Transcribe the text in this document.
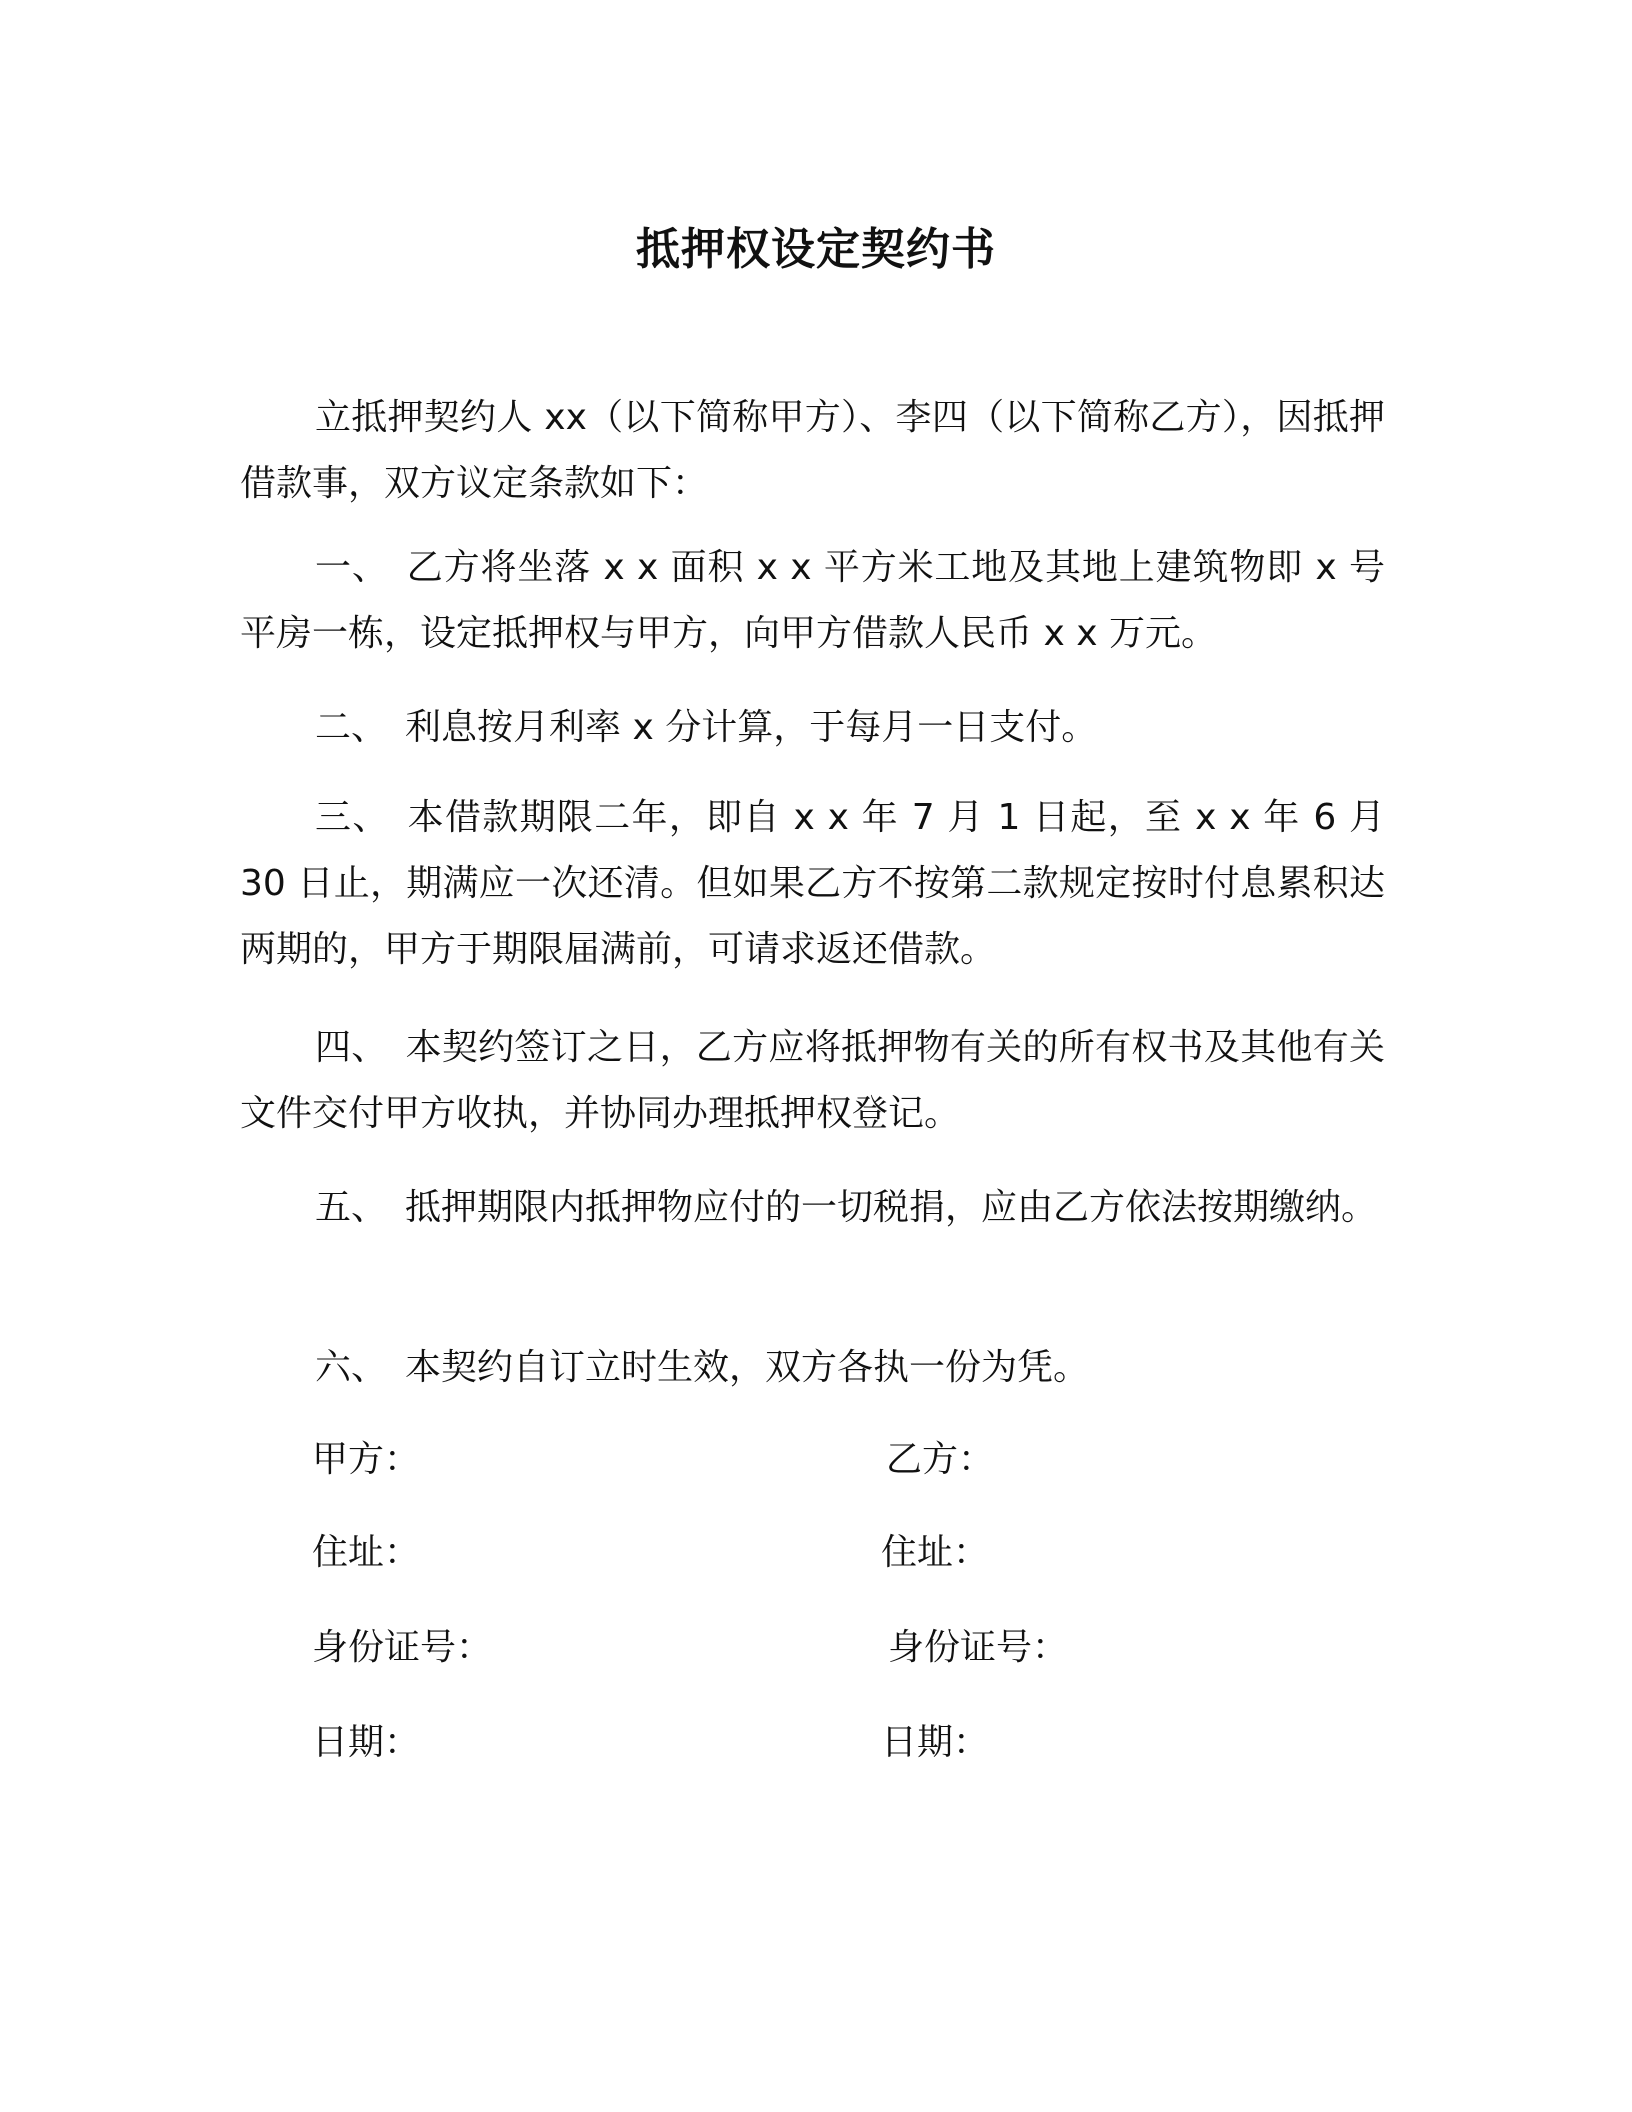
抵押权设定契约书
立抵押契约人 xx（以下简称甲方）、李四（以下简称乙方），因抵押借款事，双方议定条款如下：
一、 乙方将坐落 x x 面积 x x 平方米工地及其地上建筑物即 x 号平房一栋，设定抵押权与甲方，向甲方借款人民币 x x 万元。
二、 利息按月利率 x 分计算，于每月一日支付。
三、 本借款期限二年，即自 x x 年 7 月 1 日起，至 x x 年 6 月 30 日止，期满应一次还清。但如果乙方不按第二款规定按时付息累积达两期的，甲方于期限届满前，可请求返还借款。
四、 本契约签订之日，乙方应将抵押物有关的所有权书及其他有关文件交付甲方收执，并协同办理抵押权登记。
五、 抵押期限内抵押物应付的一切税捐，应由乙方依法按期缴纳。
六、 本契约自订立时生效，双方各执一份为凭。
甲方：
住址：
身份证号：
日期：
乙方：
住址：
身份证号：
日期：
